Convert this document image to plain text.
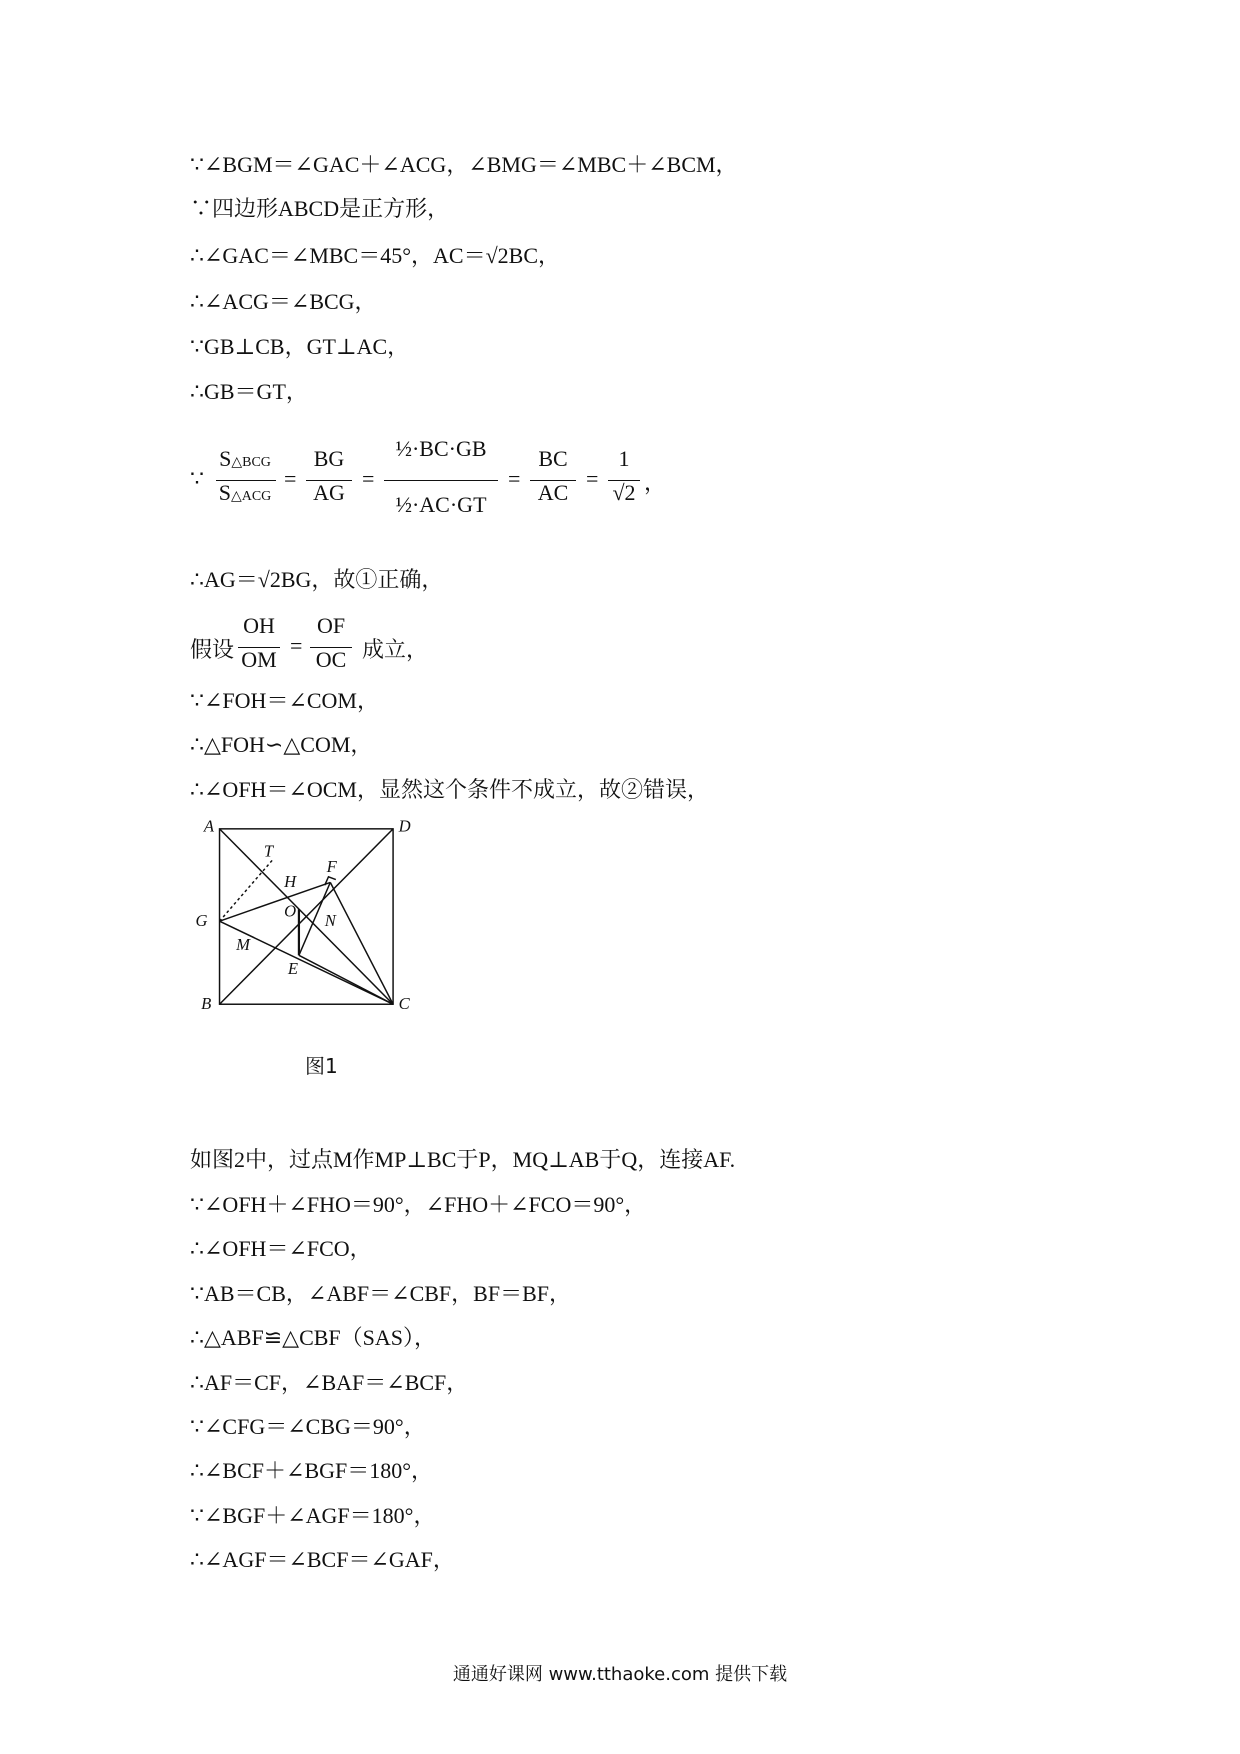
∵∠BGM＝∠GAC＋∠ACG，∠BMG＝∠MBC＋∠BCM，
∵四边形ABCD是正方形，
∴∠GAC＝∠MBC＝45°，AC＝√2BC，
∴∠ACG＝∠BCG，
∵GB⊥CB，GT⊥AC，
∴GB＝GT，
∵
S△BCG
S△ACG
=
BG
AG
=
½·BC·GB
½·AC·GT
=
BC
AC
=
1
√2 ，
∴AG＝√2BG，故①正确，
假设
OH
OM
=
OF
OC 成立，
∵∠FOH＝∠COM，
∴△FOH∽△COM，
∴∠OFH＝∠OCM，显然这个条件不成立，故②错误，
A	D
B	C
G
T
H
F
O N
M
E
图1
如图2中，过点M作MP⊥BC于P，MQ⊥AB于Q，连接AF.
∵∠OFH＋∠FHO＝90°，∠FHO＋∠FCO＝90°，
∴∠OFH＝∠FCO，
∵AB＝CB，∠ABF＝∠CBF，BF＝BF，
∴△ABF≌△CBF（SAS），
∴AF＝CF，∠BAF＝∠BCF，
∵∠CFG＝∠CBG＝90°，
∴∠BCF＋∠BGF＝180°，
∵∠BGF＋∠AGF＝180°，
∴∠AGF＝∠BCF＝∠GAF，
通通好课网 www.tthaoke.com 提供下载
